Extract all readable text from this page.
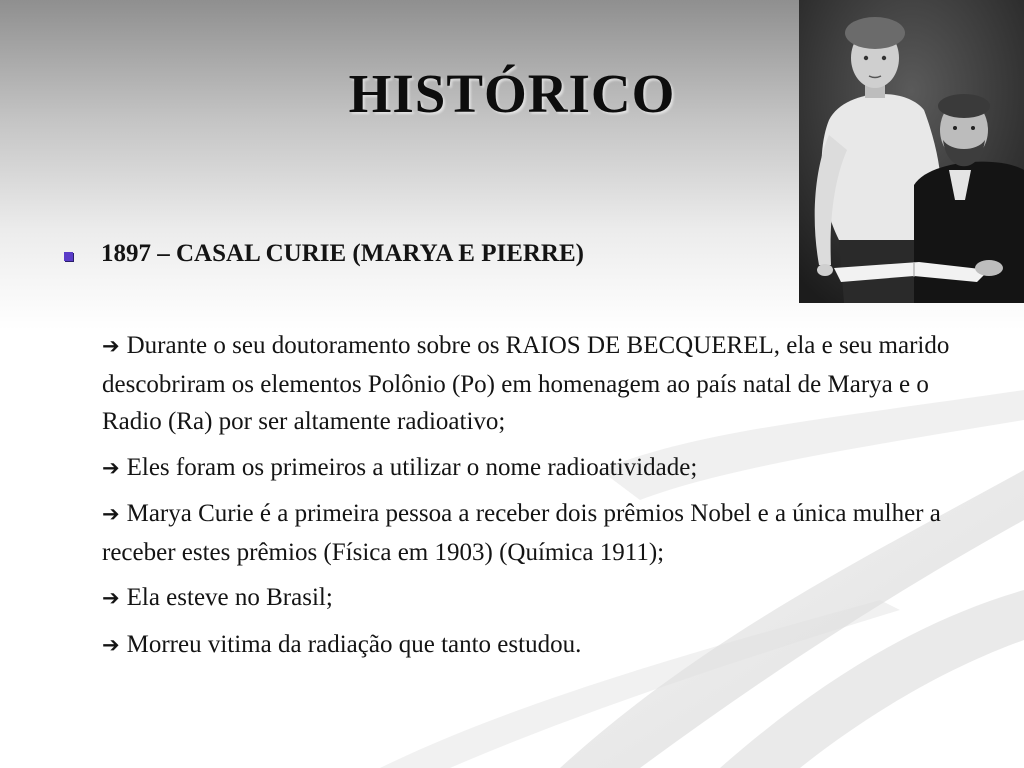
HISTÓRICO
1897 – CASAL CURIE (MARYA E PIERRE)

➔ Durante o seu doutoramento sobre os RAIOS DE BECQUEREL, ela e seu marido descobriram os elementos Polônio (Po) em homenagem ao país natal de Marya e o Radio (Ra) por ser altamente radioativo;

➔ Eles foram os primeiros a utilizar o nome radioatividade;

➔ Marya Curie é a primeira pessoa a receber dois prêmios Nobel e a única mulher a receber estes prêmios (Física em 1903) (Química 1911);

➔ Ela esteve no Brasil;

➔ Morreu vitima da radiação que tanto estudou.
